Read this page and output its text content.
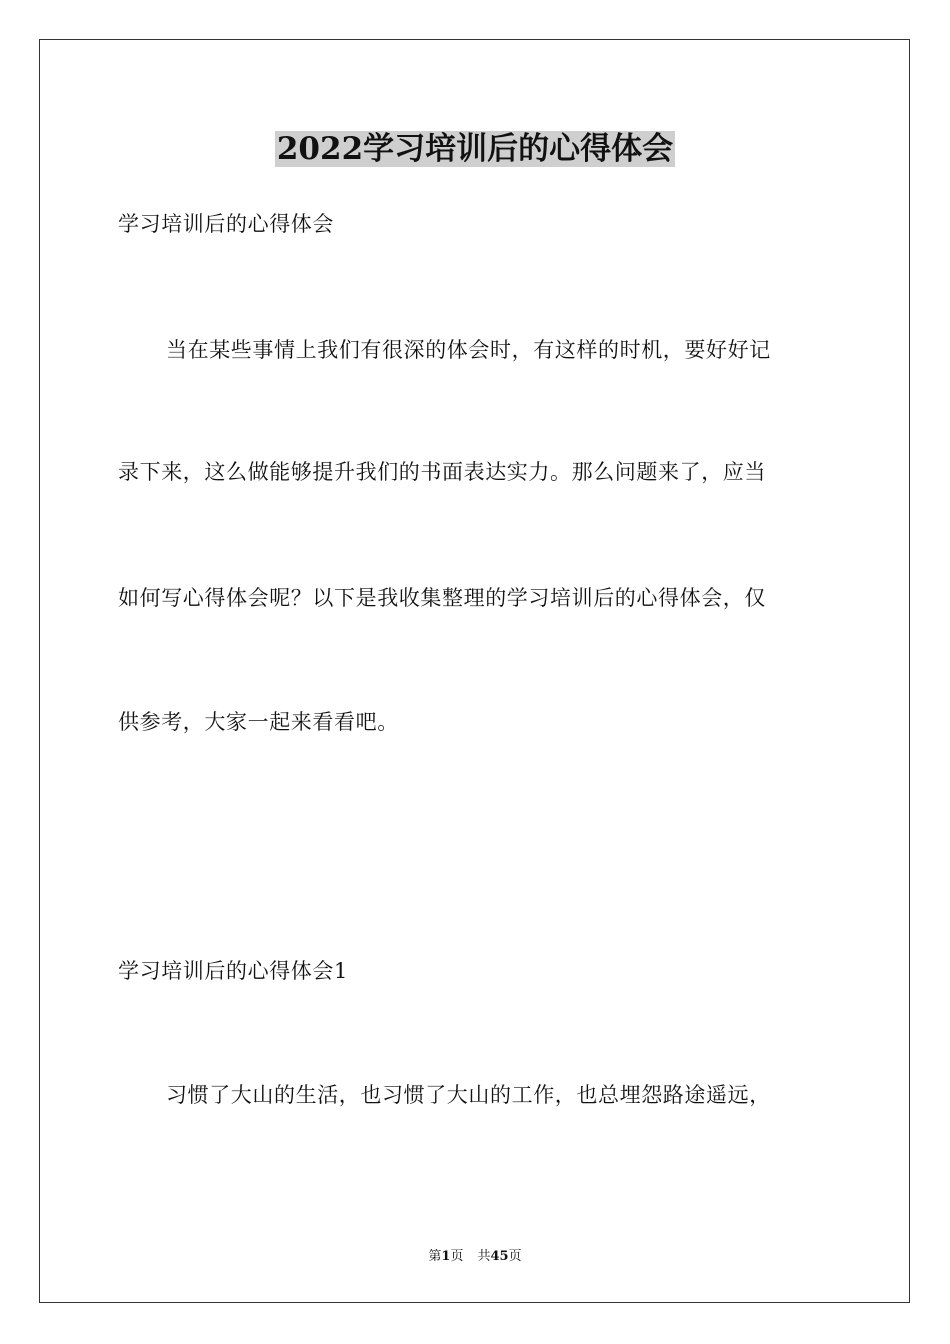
2022学习培训后的心得体会

学习培训后的心得体会

当在某些事情上我们有很深的体会时，有这样的时机，要好好记

录下来，这么做能够提升我们的书面表达实力。那么问题来了，应当

如何写心得体会呢？以下是我收集整理的学习培训后的心得体会，仅

供参考，大家一起来看看吧。

学习培训后的心得体会1

习惯了大山的生活，也习惯了大山的工作，也总埋怨路途遥远，

第1页 共45页
